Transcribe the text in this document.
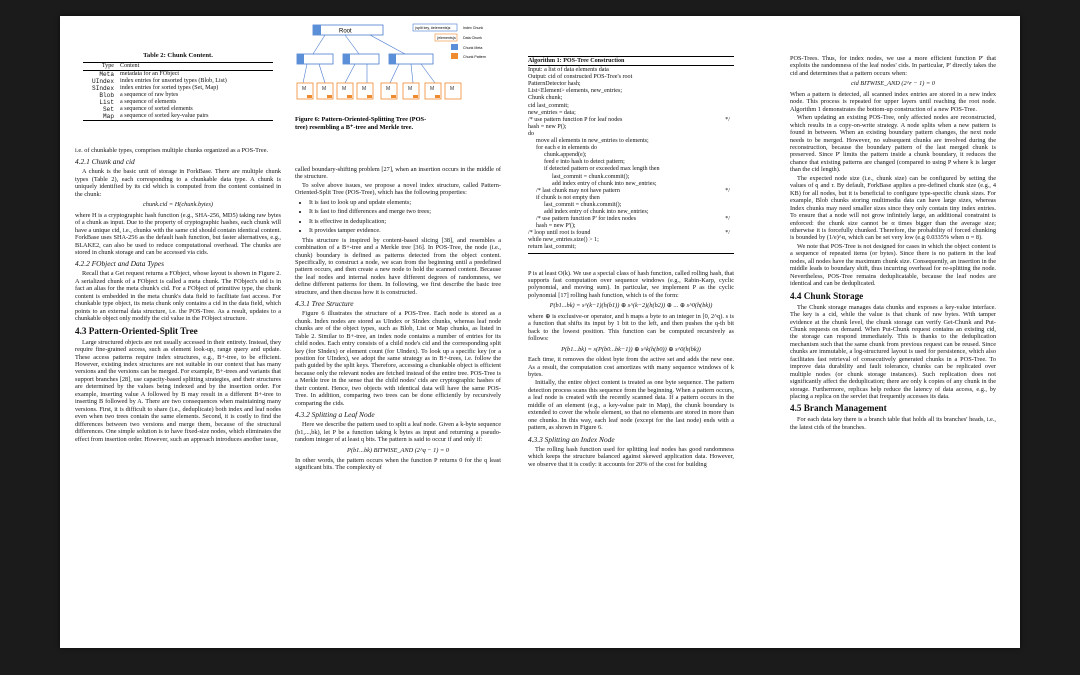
Table 2: Chunk Content.
Type	Content
Meta	metadata for an FObject
UIndex	index entries for unsorted types (Blob, List)
SIndex	index entries for sorted types (Set, Map)
Blob	a sequence of raw bytes
List	a sequence of elements
Set	a sequence of sorted elements
Map	a sequence of sorted key-value pairs

i.e. of chunkable types, comprises multiple chunks organized as a POS-Tree.

4.2.1 Chunk and cid

A chunk is the basic unit of storage in ForkBase. There are multiple chunk types (Table 2), each corresponding to a chunkable data type. A chunk is uniquely identified by its cid which is computed from the content contained in the chunk:

chunk.cid = H(chunk.bytes)

where H is a cryptographic hash function (e.g., SHA-256, MD5) taking raw bytes of a chunk as input. Due to the property of cryptographic hashes, each chunk will have a unique cid, i.e., chunks with the same cid should contain identical content. ForkBase uses SHA-256 as the default hash function, but faster alternatives, e.g., BLAKE2, can also be used to reduce computational overhead. The chunks are stored in chunk storage and can be accessed via cids.

4.2.2 FObject and Data Types

Recall that a Get request returns a FObject, whose layout is shown in Figure 2. A serialized chunk of a FObject is called a meta chunk. The FObject's uid is in fact an alias for the meta chunk's cid. For a FObject of primitive type, the chunk content is embedded in the meta chunk's data field to facilitate fast access. For chunkable type object, its meta chunk only contains a cid in the data field, which points to an external data structure, i.e. the POS-Tree. As a result, updates to a chunkable object only modify the cid value in the FObject structure.

4.3 Pattern-Oriented-Split Tree

Large structured objects are not usually accessed in their entirety. Instead, they require fine-grained access, such as element look-up, range query and update. These access patterns require index structures, e.g., B+-tree, to be efficient. However, existing index structures are not suitable in our context that has many versions and the versions can be merged. For example, B+-trees and variants that support branches [28], use capacity-based splitting strategies, and their structures are determined by the values being indexed and by the insertion order. For example, inserting value A followed by B may result in a different B+-tree to inserting B followed by A. There are two consequences when maintaining many versions. First, it is difficult to share (i.e., deduplicate) both index and leaf nodes even when two trees contain the same elements. Second, it is costly to find the differences between two versions and merge them, because of the structural differences. One simple solution is to have fixed-size nodes, which eliminates the effect from insertion order. However, such an approach introduces another issue,

Root
(split key, #elements)s	Index Chunk
{elements}s Data Chunk
Chunk Meta
Chunk Pattern
M	M	M	M	M	M	M	M
Figure 6: Pattern-Oriented-Splitting Tree (POS-
tree) resembling a B⁺-tree and Merkle tree.

called boundary-shifting problem [27], when an insertion occurs in the middle of the structure.

To solve above issues, we propose a novel index structure, called Pattern-Oriented-Split Tree (POS-Tree), which has the following properties:

• It is fast to look up and update elements;
• It is fast to find differences and merge two trees;
• It is effective in deduplication;
• It provides tamper evidence.

This structure is inspired by content-based slicing [38], and resembles a combination of a B+-tree and a Merkle tree [36]. In POS-Tree, the node (i.e., chunk) boundary is defined as patterns detected from the object content. Specifically, to construct a node, we scan from the beginning until a predefined pattern occurs, and then create a new node to hold the scanned content. Because the leaf nodes and internal nodes have different degrees of randomness, we define different patterns for them. In following, we first describe the basic tree structure, and then discuss how it is constructed.

4.3.1 Tree Structure

Figure 6 illustrates the structure of a POS-Tree. Each node is stored as a chunk. Index nodes are stored as UIndex or SIndex chunks, whereas leaf node chunks are of the object types, such as Blob, List or Map chunks, as listed in Table 2. Similar to B+-tree, an index node contains a number of entries for its child nodes. Each entry consists of a child node's cid and the corresponding split key (for SIndex) or element count (for UIndex). To look up a specific key (or a position for UIndex), we adopt the same strategy as in B+-trees, i.e. follow the path guided by the split keys. Therefore, accessing a chunkable object is efficient because only the relevant nodes are fetched instead of the entire tree. POS-Tree is a Merkle tree in the sense that the child nodes' cids are cryptographic hashes of their content. Hence, two objects with identical data will have the same POS-Tree. In addition, comparing two trees can be done efficiently by recursively comparing the cids.

4.3.2 Splitting a Leaf Node

Here we describe the pattern used to split a leaf node. Given a k-byte sequence (b1,...,bk), let P be a function taking k bytes as input and returning a pseudo-random integer of at least q bits. The pattern is said to occur if and only if:

P(b1...bk) BITWISE_AND (2^q − 1) = 0

In other words, the pattern occurs when the function P returns 0 for the q least significant bits. The complexity of

Algorithm 1: POS-Tree Construction
Input: a list of data elements data
Output: cid of constructed POS-Tree's root
PatternDetector hash;
List<Element> elements, new_entries;
Chunk chunk;
cid last_commit;
new_entries = data;
/* use pattern function P for leaf nodes	*/
hash = new P();
do
move all elements in new_entries to elements;
for each e in elements do
chunk.append(e);
feed e into hash to detect pattern;
if detected pattern or exceeded max length then
last_commit = chunk.commit();
add index entry of chunk into new_entries;
/* last chunk may not have pattern	*/
if chunk is not empty then
last_commit = chunk.commit();
add index entry of chunk into new_entries;
/* use pattern function P' for index nodes	*/
hash = new P'();
/* loop until root is found	*/
while new_entries.size() > 1;
return last_commit;

P is at least O(k). We use a special class of hash function, called rolling hash, that supports fast computation over sequence windows (e.g., Rabin-Karp, cyclic polynomial, and moving sum). In particular, we implement P as the cyclic polynomial [17] rolling hash function, which is of the form:

P(b1...bk) = s^(k−1)(h(b1)) ⊕ s^(k−2)(h(b2)) ⊕ ... ⊕ s^0(h(bk))

where ⊕ is exclusive-or operator, and h maps a byte to an integer in [0, 2^q). s is a function that shifts its input by 1 bit to the left, and then pushes the q-th bit back to the lowest position. This function can be computed recursively as follows:

P(b1...bk) = s(P(b0...bk−1)) ⊕ s^k(h(b0)) ⊕ s^0(h(bk))

Each time, it removes the oldest byte from the active set and adds the new one. As a result, the computation cost amortizes with many sequence windows of k bytes.

Initially, the entire object content is treated as one byte sequence. The pattern detection process scans this sequence from the beginning. When a pattern occurs, a leaf node is created with the recently scanned data. If a pattern occurs in the middle of an element (e.g., a key-value pair in Map), the chunk boundary is extended to cover the whole element, so that no elements are stored in more than one chunks. In this way, each leaf node (except for the last node) ends with a pattern, as shown in Figure 6.

4.3.3 Splitting an Index Node

The rolling hash function used for splitting leaf nodes has good randomness which keeps the structure balanced against skewed application data. However, we observe that it is costly: it accounts for 20% of the cost for building

POS-Trees. Thus, for index nodes, we use a more efficient function P' that exploits the randomness of the leaf nodes' cids. In particular, P' directly takes the cid and determines that a pattern occurs when:

cid BITWISE_AND (2^r − 1) = 0

When a pattern is detected, all scanned index entries are stored in a new index node. This process is repeated for upper layers until reaching the root node. Algorithm 1 demonstrates the bottom-up construction of a new POS-Tree.

When updating an existing POS-Tree, only affected nodes are reconstructed, which results in a copy-on-write strategy. A node splits when a new pattern is found in between. When an existing boundary pattern changes, the next node needs to be merged. However, no subsequent chunks are involved during the reconstruction, because the boundary pattern of the last merged chunk is preserved. Since P' limits the pattern inside a chunk boundary, it reduces the chance that existing patterns are changed (compared to using P where k is larger than the cid length).

The expected node size (i.e., chunk size) can be configured by setting the values of q and r. By default, ForkBase applies a pre-defined chunk size (e.g., 4 KB) for all nodes, but it is beneficial to configure type-specific chunk sizes. For example, Blob chunks storing multimedia data can have large sizes, whereas Index chunks may need smaller sizes since they only contain tiny index entries. To ensure that a node will not grow infinitely large, an additional constraint is enforced: the chunk size cannot be α times bigger than the average size; otherwise it is forcefully chunked. Therefore, the probability of forced chunking is bounded by (1/e)^α, which can be set very low (e.g 0.0335% when α = 8).

We note that POS-Tree is not designed for cases in which the object content is a sequence of repeated items (or bytes). Since there is no pattern in the leaf nodes, all nodes have the maximum chunk size. Consequently, an insertion in the middle leads to boundary shift, thus incurring overhead for re-splitting the node. Nevertheless, POS-Tree remains deduplicatable, because the leaf nodes are identical and can be deduplicated.

4.4 Chunk Storage

The Chunk storage manages data chunks and exposes a key-value interface. The key is a cid, while the value is that chunk of raw bytes. With tamper evidence at the chunk level, the chunk storage can verify Get-Chunk and Put-Chunk requests on demand. When Put-Chunk request contains an existing cid, the storage can respond immediately. This is thanks to the deduplication mechanism such that the same chunk from previous request can be reused. Since chunks are immutable, a log-structured layout is used for persistence, which also facilitates fast retrieval of consecutively generated chunks in a POS-Tree. To improve data durability and fault tolerance, chunks can be replicated over multiple nodes (or chunk storage instances). Such replication does not significantly affect the deduplication; there are only k copies of any chunk in the storage. Furthermore, replicas help reduce the latency of data access, e.g., by placing a replica on the servlet that frequently accesses its data.

4.5 Branch Management

For each data key there is a branch table that holds all its branches' heads, i.e., the latest cids of the branches.
